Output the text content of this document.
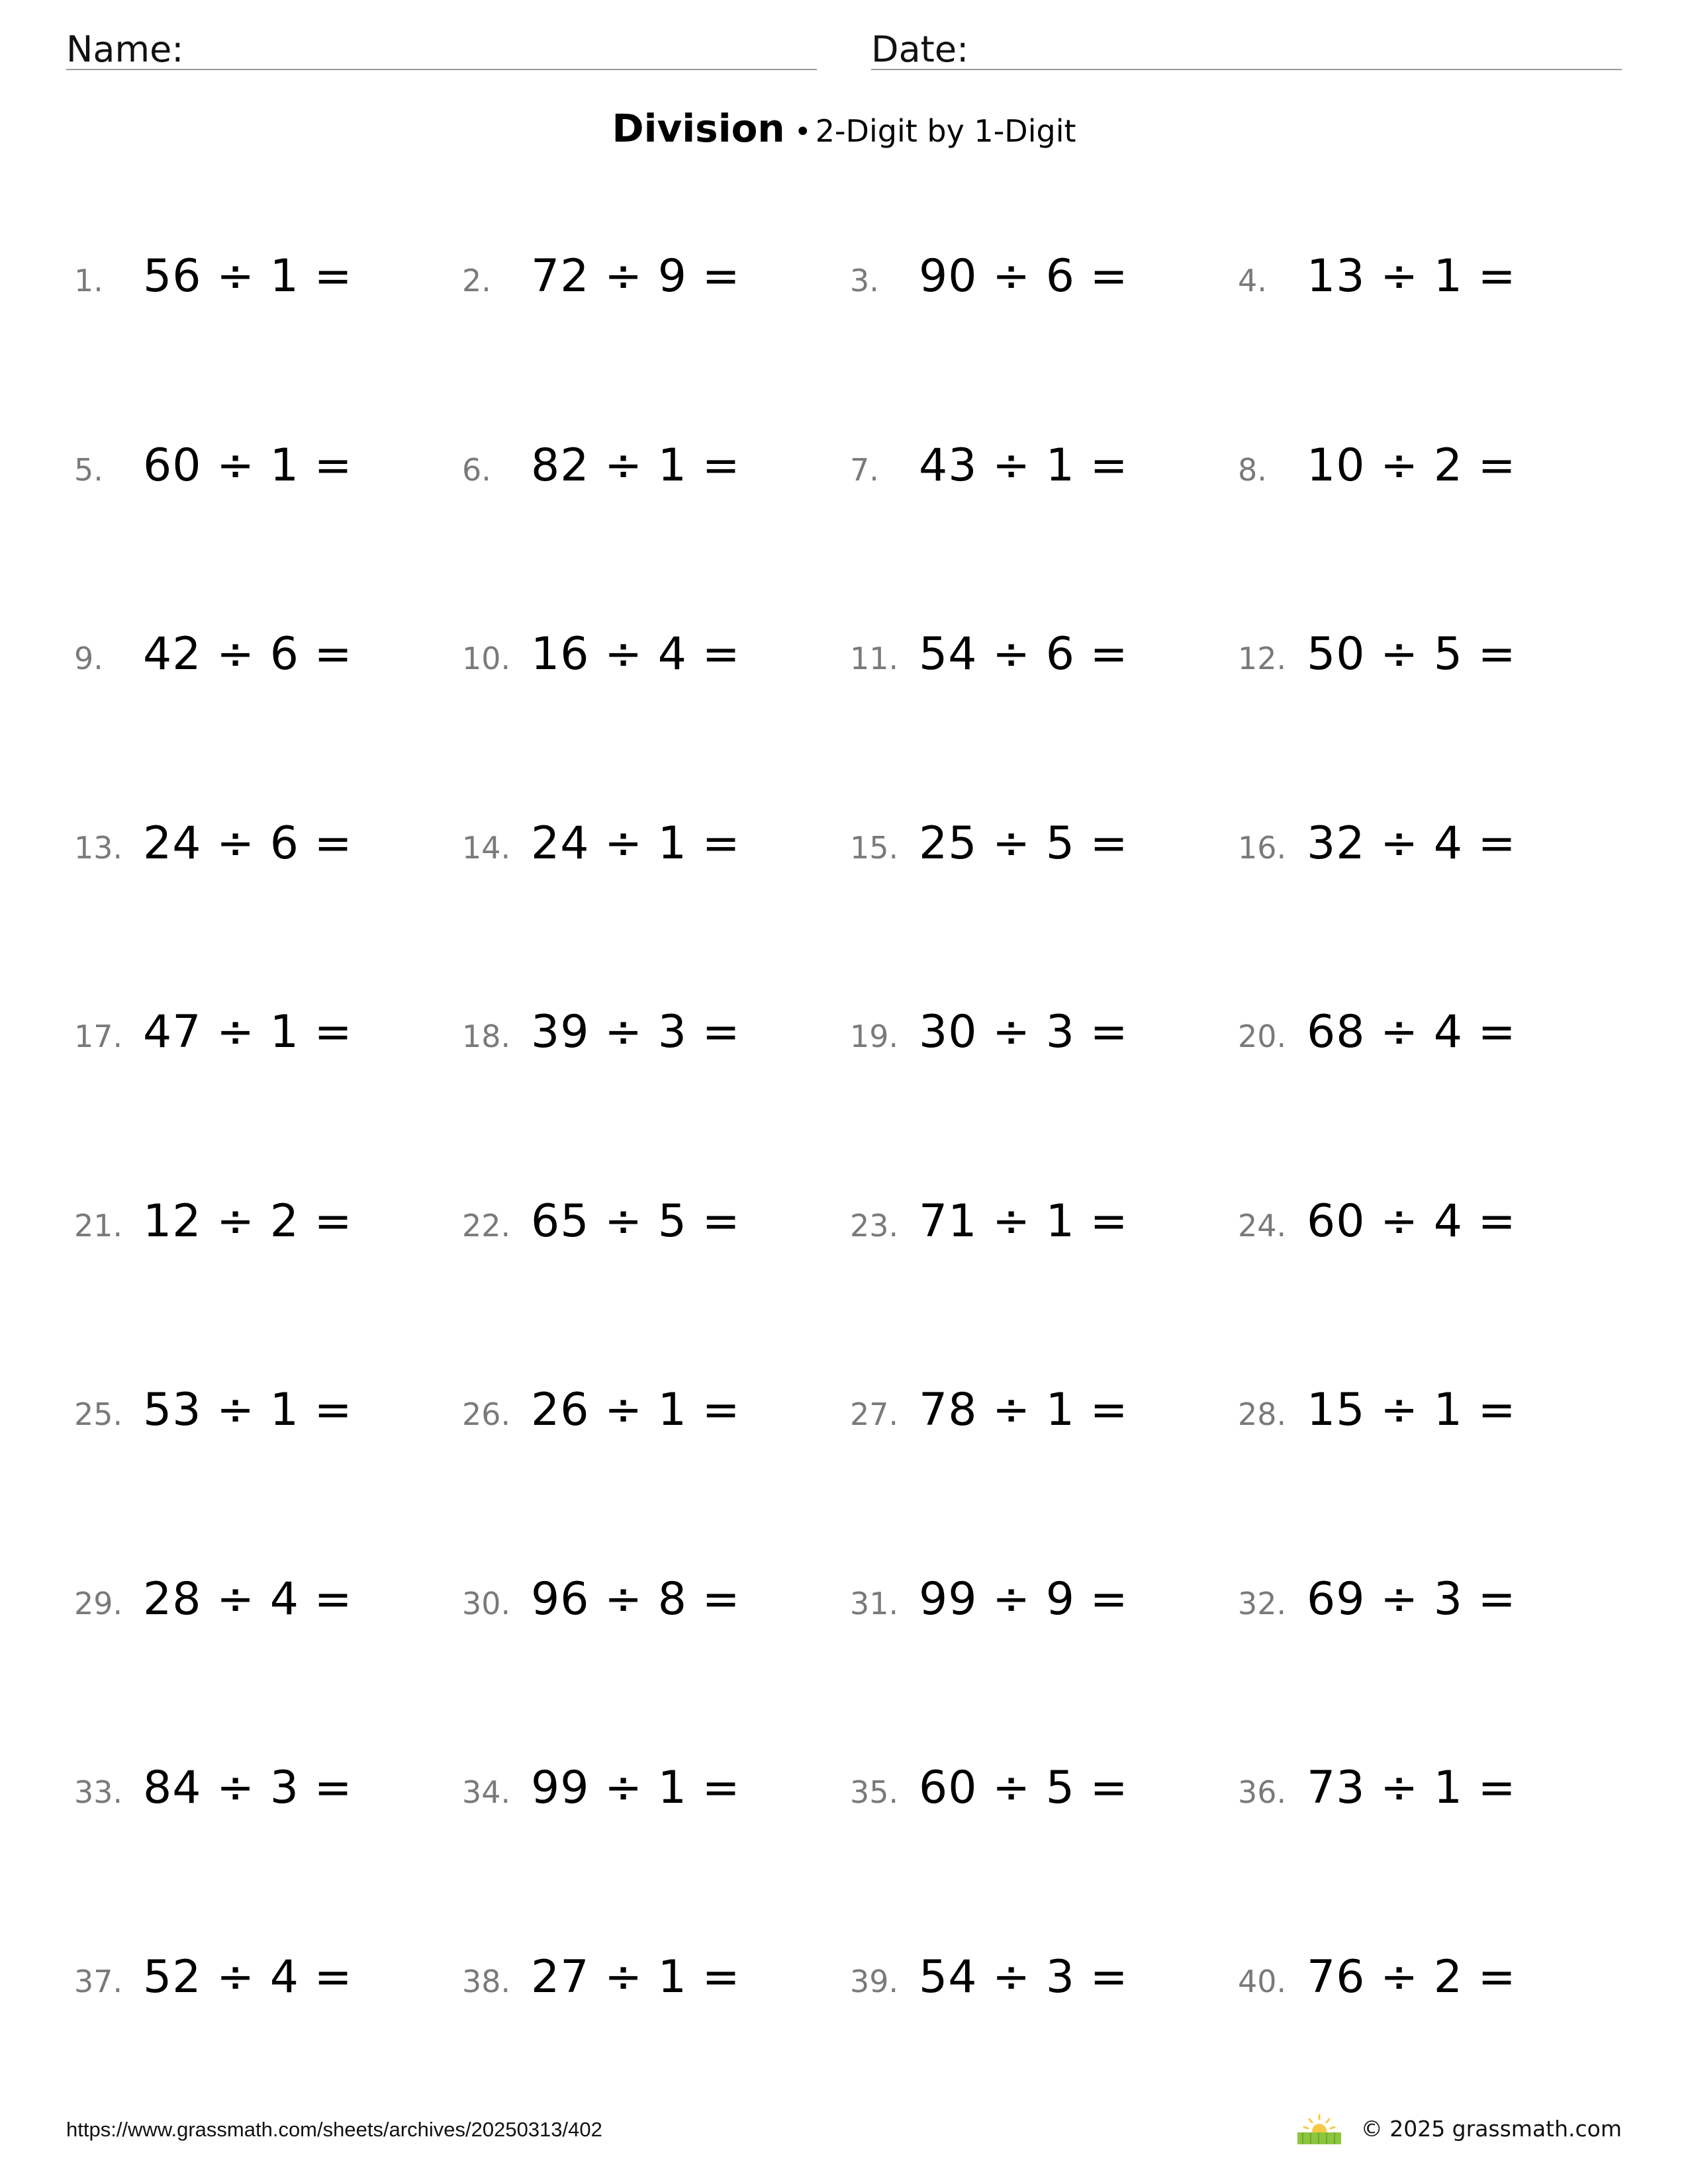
Name:	Date:
Division • 2-Digit by 1-Digit
1. 56 ÷ 1 =	2. 72 ÷ 9 =	3. 90 ÷ 6 =	4. 13 ÷ 1 =
5. 60 ÷ 1 =	6. 82 ÷ 1 =	7. 43 ÷ 1 =	8. 10 ÷ 2 =
9. 42 ÷ 6 =	10. 16 ÷ 4 =	11. 54 ÷ 6 =	12. 50 ÷ 5 =
13. 24 ÷ 6 =	14. 24 ÷ 1 =	15. 25 ÷ 5 =	16. 32 ÷ 4 =
17. 47 ÷ 1 =	18. 39 ÷ 3 =	19. 30 ÷ 3 =	20. 68 ÷ 4 =
21. 12 ÷ 2 =	22. 65 ÷ 5 =	23. 71 ÷ 1 =	24. 60 ÷ 4 =
25. 53 ÷ 1 =	26. 26 ÷ 1 =	27. 78 ÷ 1 =	28. 15 ÷ 1 =
29. 28 ÷ 4 =	30. 96 ÷ 8 =	31. 99 ÷ 9 =	32. 69 ÷ 3 =
33. 84 ÷ 3 =	34. 99 ÷ 1 =	35. 60 ÷ 5 =	36. 73 ÷ 1 =
37. 52 ÷ 4 =	38. 27 ÷ 1 =	39. 54 ÷ 3 =	40. 76 ÷ 2 =
https://www.grassmath.com/sheets/archives/20250313/402	© 2025 grassmath.com
